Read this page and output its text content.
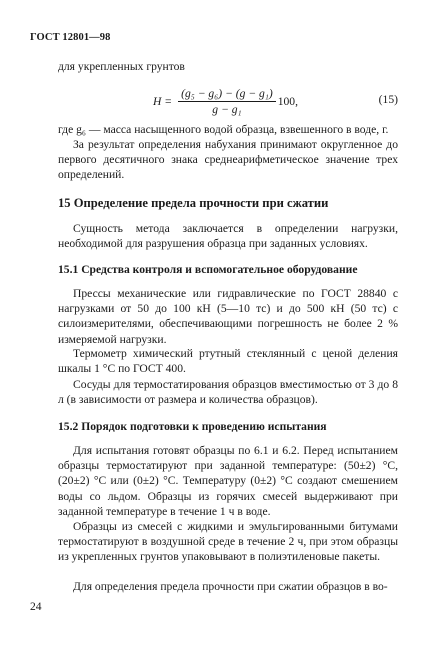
ГОСТ 12801—98
для укрепленных грунтов
$H = \frac{\text{(g₅ − g₆) − (g − g₁)}}{\text{g − g₁}} 100$,	(15)
где g₆ — масса насыщенного водой образца, взвешенного в воде, г.
За результат определения набухания принимают округленное до первого десятичного знака среднеарифметическое значение трех определений.
15 Определение предела прочности при сжатии
Сущность метода заключается в определении нагрузки, необходимой для разрушения образца при заданных условиях.
15.1 Средства контроля и вспомогательное оборудование
Прессы механические или гидравлические по ГОСТ 28840 с нагрузками от 50 до 100 кН (5—10 тс) и до 500 кН (50 тс) с силоизмерителями, обеспечивающими погрешность не более 2 % измеряемой нагрузки.
Термометр химический ртутный стеклянный с ценой деления шкалы 1 °С по ГОСТ 400.
Сосуды для термостатирования образцов вместимостью от 3 до 8 л (в зависимости от размера и количества образцов).
15.2 Порядок подготовки к проведению испытания
Для испытания готовят образцы по 6.1 и 6.2. Перед испытанием образцы термостатируют при заданной температуре: (50±2) °С, (20±2) °С или (0±2) °С. Температуру (0±2) °С создают смешением воды со льдом. Образцы из горячих смесей выдерживают при заданной температуре в течение 1 ч в воде.
Образцы из смесей с жидкими и эмульгированными битумами термостатируют в воздушной среде в течение 2 ч, при этом образцы из укрепленных грунтов упаковывают в полиэтиленовые пакеты.
Для определения предела прочности при сжатии образцов в во-
24
